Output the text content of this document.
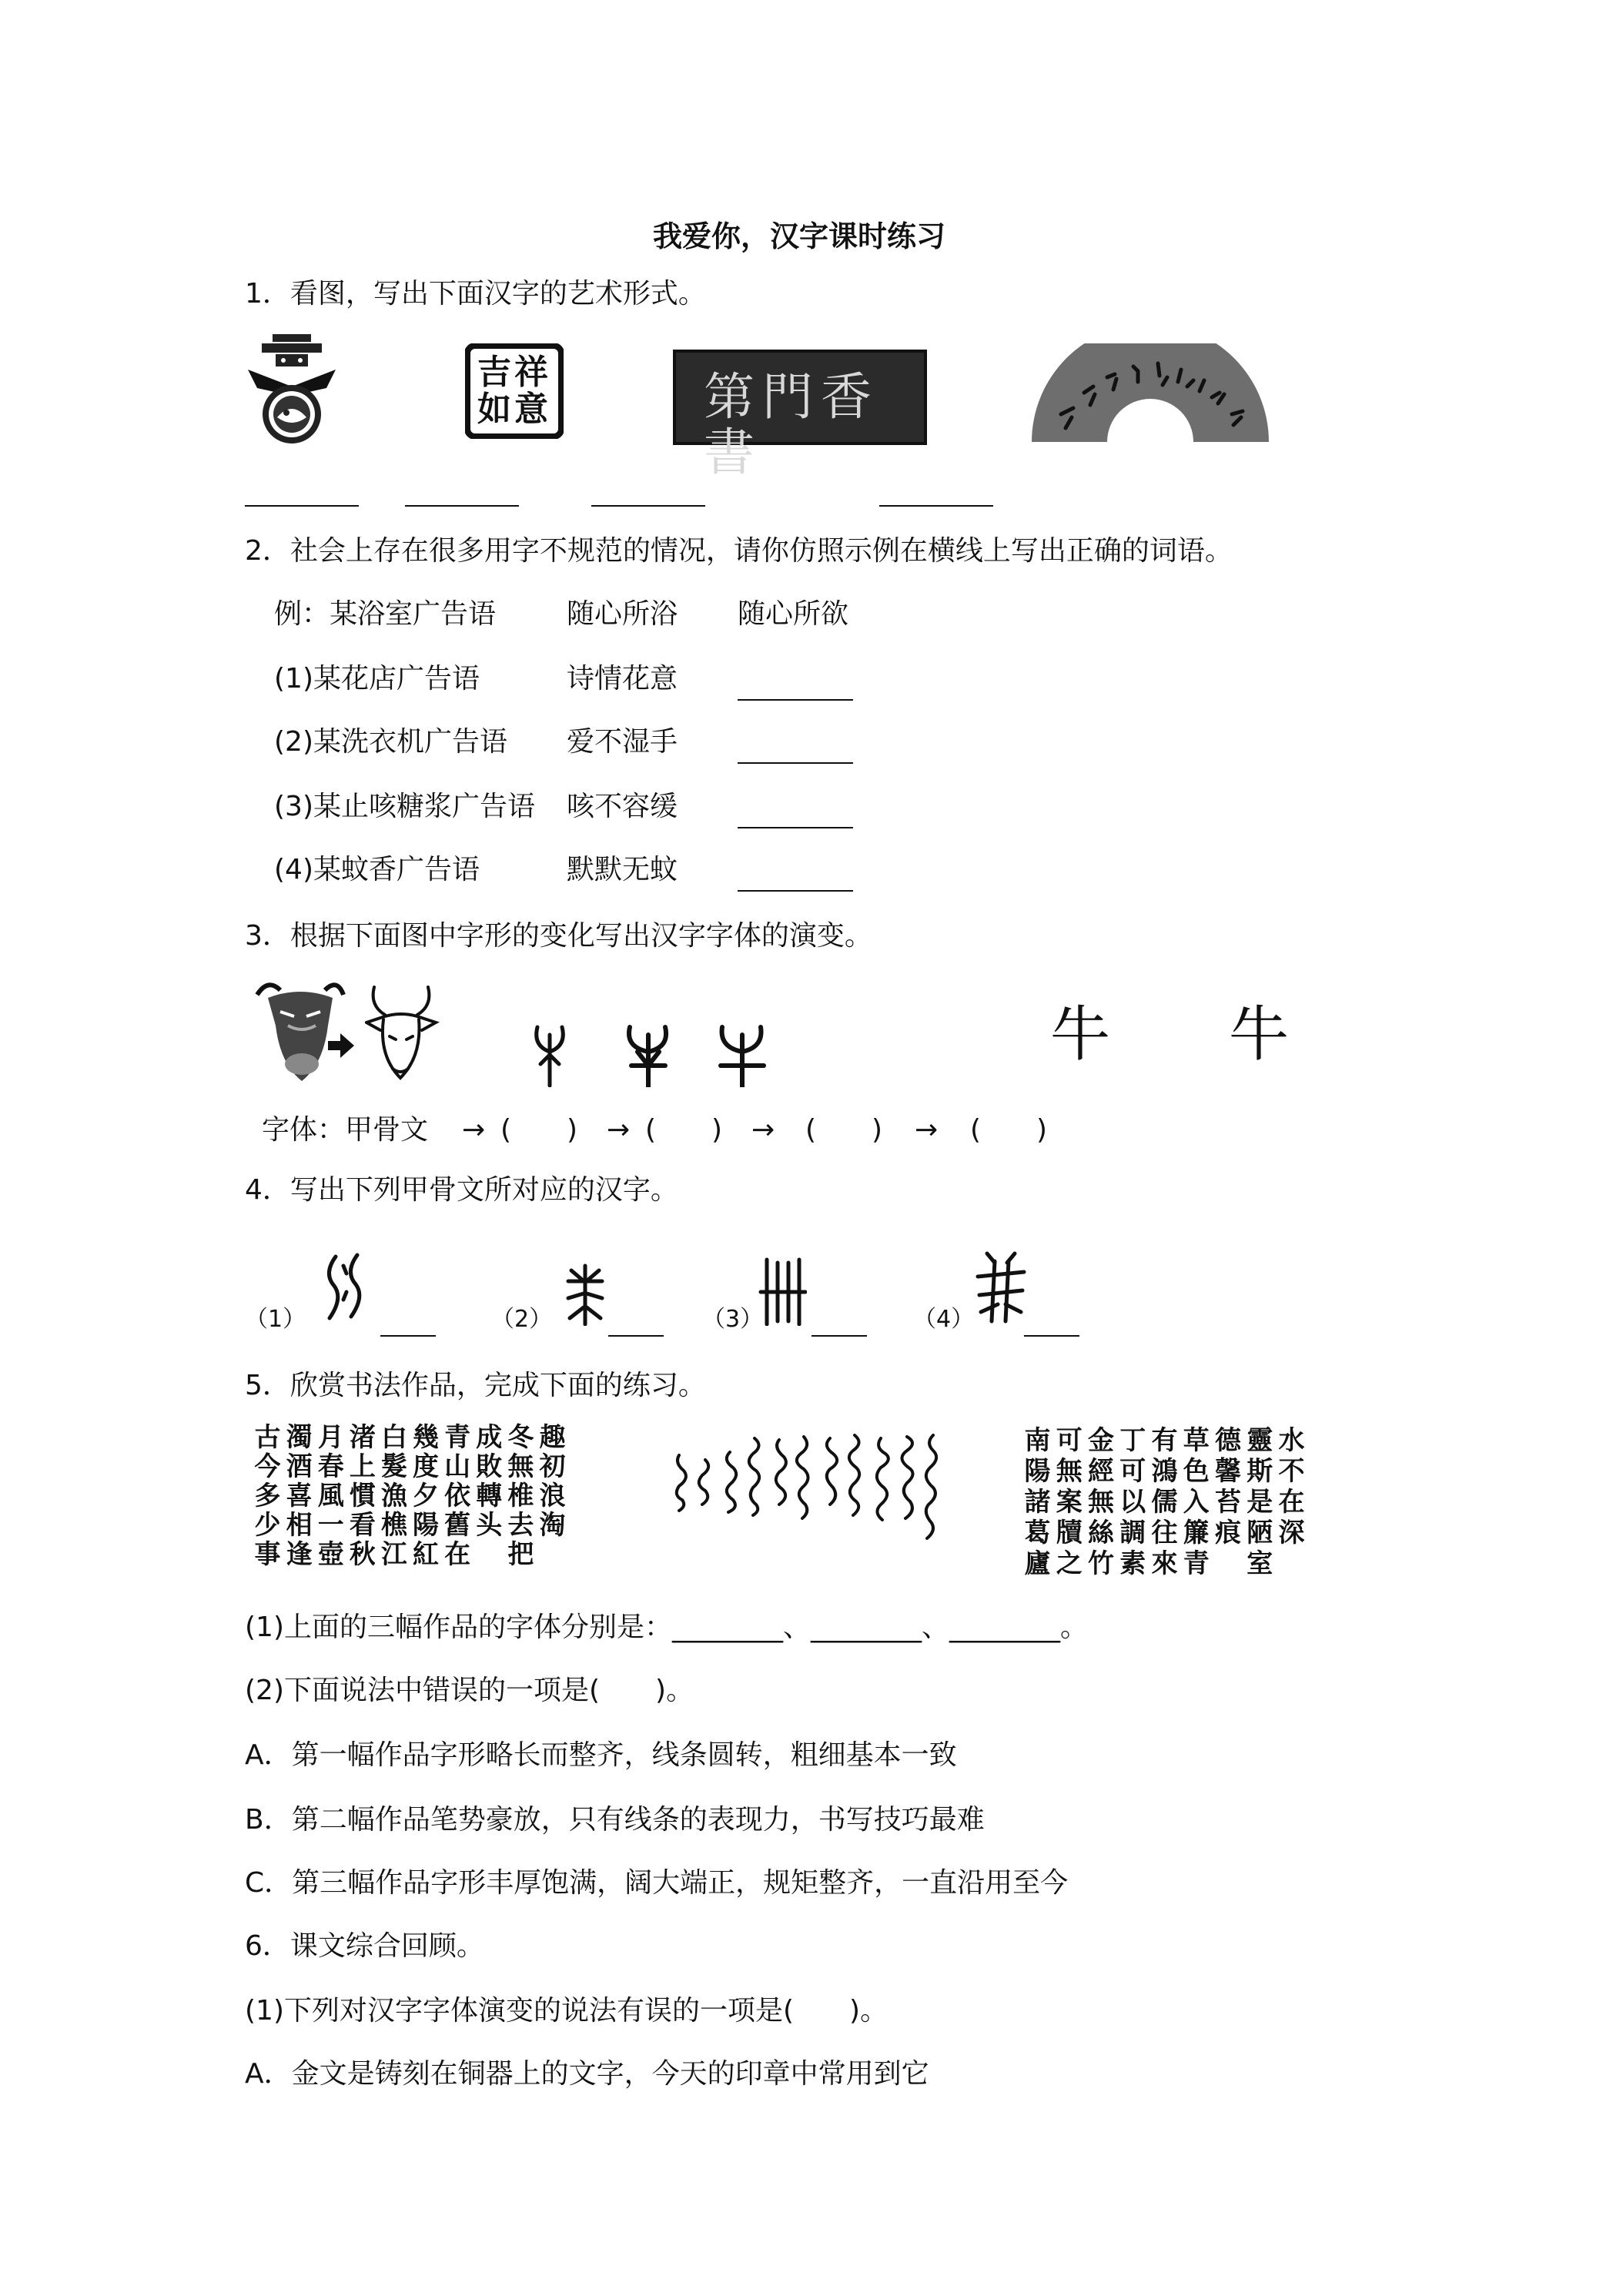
我爱你，汉字课时练习
1．看图，写出下面汉字的艺术形式。
吉祥如意	第門香書
2．社会上存在很多用字不规范的情况，请你仿照示例在横线上写出正确的词语。
例：某浴室广告语	随心所浴 随心所欲
(1)某花店广告语	诗情花意
(2)某洗衣机广告语 爱不湿手
(3)某止咳糖浆广告语 咳不容缓
(4)某蚊香广告语	默默无蚊
3．根据下面图中字形的变化写出汉字字体的演变。
牛 牛
字体：甲骨文 → (　　) → (　　) → (　　) → (　　)
4．写出下列甲骨文所对应的汉字。
（1）	（2）	（3）	（4）
5．欣赏书法作品，完成下面的练习。
趣初浪淘
冬無椎去把
成敗轉头
青山依舊在
幾度夕陽紅
白髮漁樵江
渚上慣看秋
月春風一壺
濁酒喜相逢
古今多少事	水不在深
靈斯是陋室
德馨苔痕
草色入簾青
有鴻儒往來
丁可以調素
金經無絲竹
可無案牘之
南陽諸葛廬
(1)上面的三幅作品的字体分别是：________、________、________。
(2)下面说法中错误的一项是(　　)。
A．第一幅作品字形略长而整齐，线条圆转，粗细基本一致
B．第二幅作品笔势豪放，只有线条的表现力，书写技巧最难
C．第三幅作品字形丰厚饱满，阔大端正，规矩整齐，一直沿用至今
6．课文综合回顾。
(1)下列对汉字字体演变的说法有误的一项是(　　)。
A．金文是铸刻在铜器上的文字，今天的印章中常用到它
